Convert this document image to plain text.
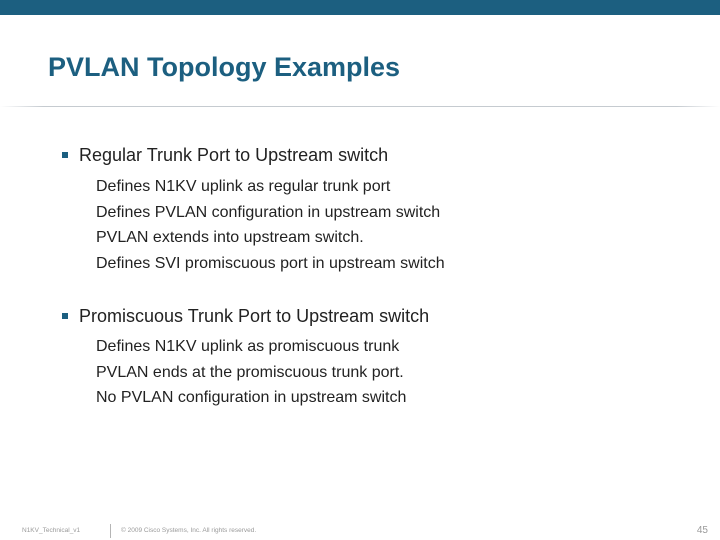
PVLAN Topology Examples
Regular Trunk Port to Upstream switch
Defines N1KV uplink as regular trunk port
Defines PVLAN configuration in upstream switch
PVLAN extends into upstream switch.
Defines SVI promiscuous port in upstream switch
Promiscuous Trunk Port to Upstream switch
Defines N1KV uplink as promiscuous trunk
PVLAN ends at the promiscuous trunk port.
No PVLAN configuration in upstream switch
N1KV_Technical_v1	© 2009 Cisco Systems, Inc. All rights reserved.	45
